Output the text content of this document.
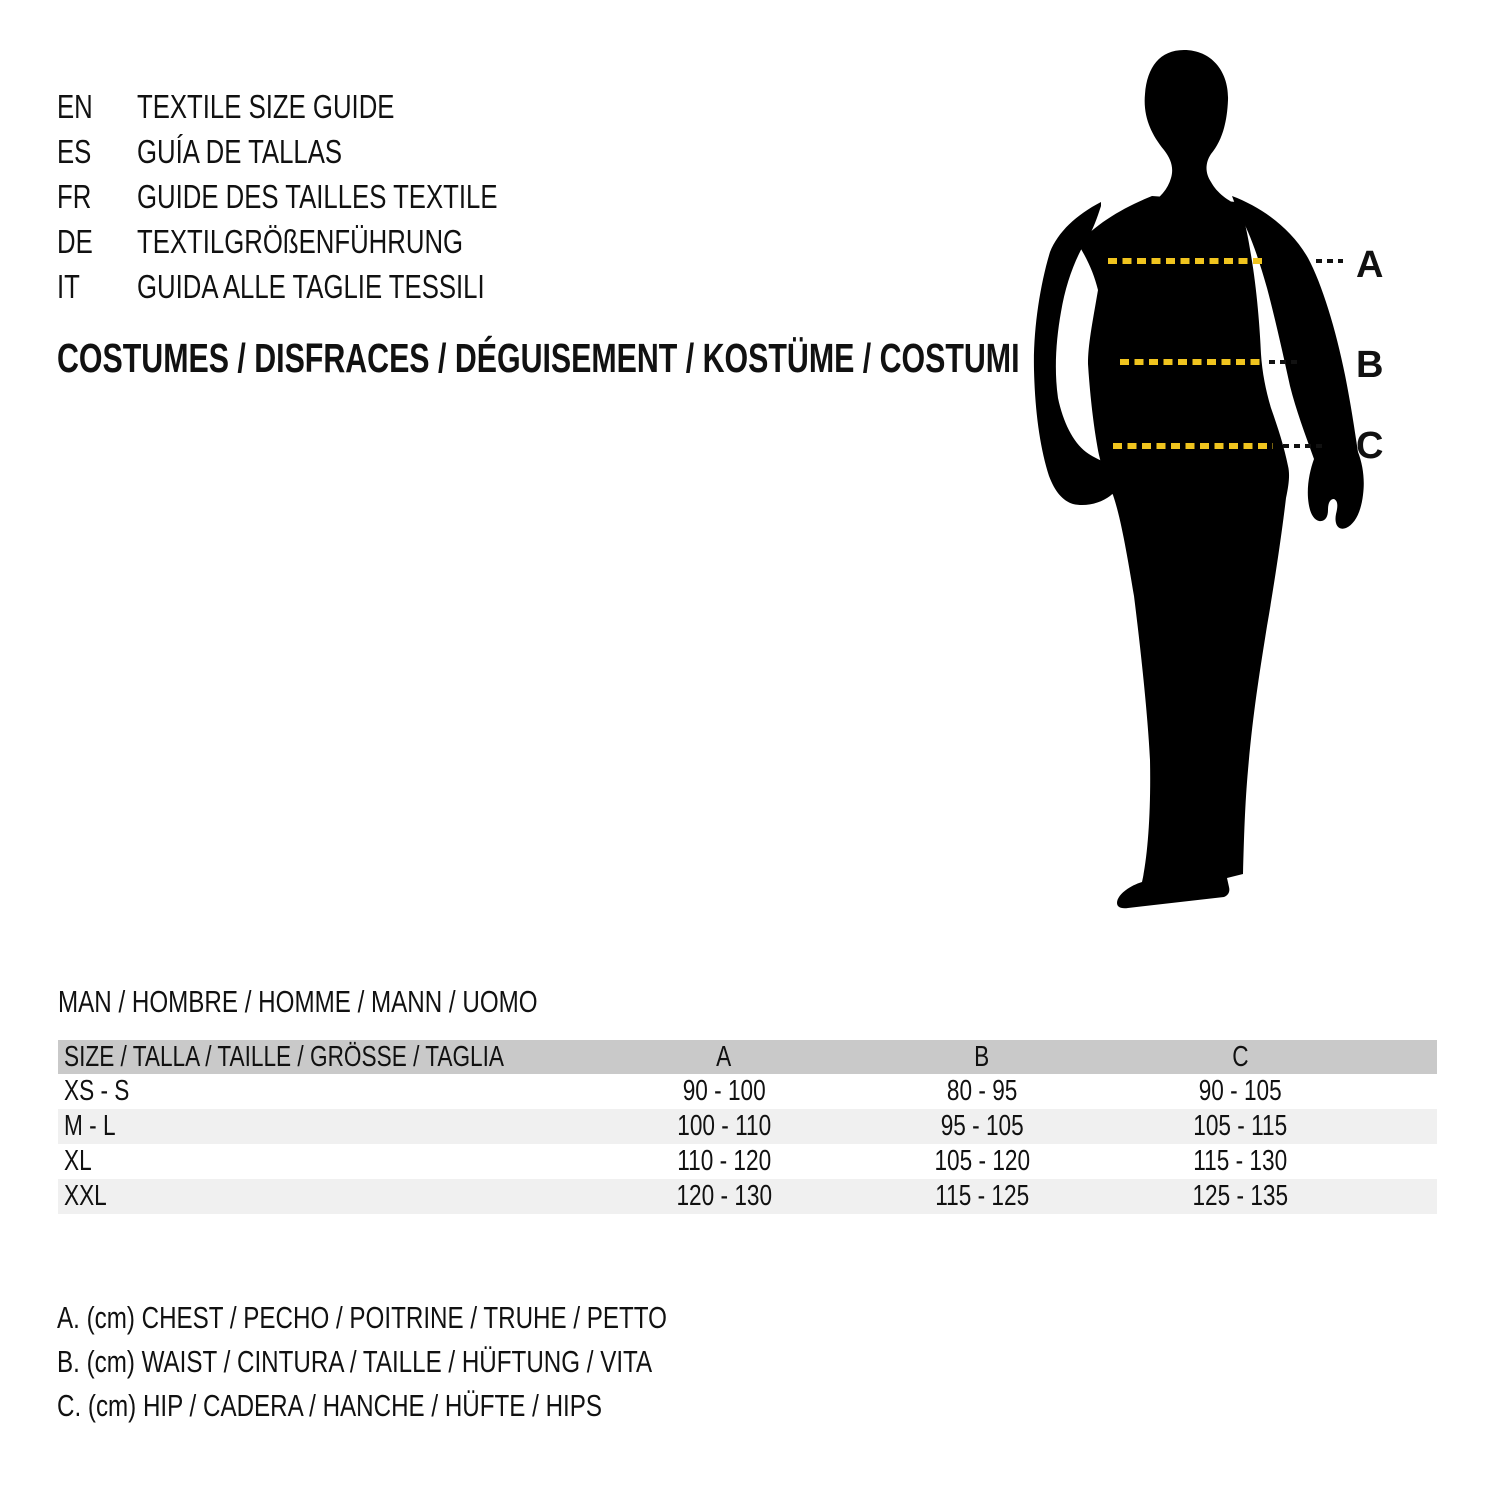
EN TEXTILE SIZE GUIDE
ES GUÍA DE TALLAS
FR GUIDE DES TAILLES TEXTILE
DE TEXTILGRÖßENFÜHRUNG
IT GUIDA ALLE TAGLIE TESSILI
COSTUMES / DISFRACES / DÉGUISEMENT / KOSTÜME / COSTUMI
A
B
C
MAN / HOMBRE / HOMME / MANN / UOMO
SIZE / TALLA / TAILLE / GRÖSSE / TAGLIA	A	B	C	
XS - S	90 - 100	80 - 95	90 - 105	
M - L	100 - 110	95 - 105	105 - 115	
XL	110 - 120	105 - 120	115 - 130	
XXL	120 - 130	115 - 125	125 - 135	
A. (cm) CHEST / PECHO / POITRINE / TRUHE / PETTO
B. (cm) WAIST / CINTURA / TAILLE / HÜFTUNG / VITA
C. (cm) HIP / CADERA / HANCHE / HÜFTE / HIPS
